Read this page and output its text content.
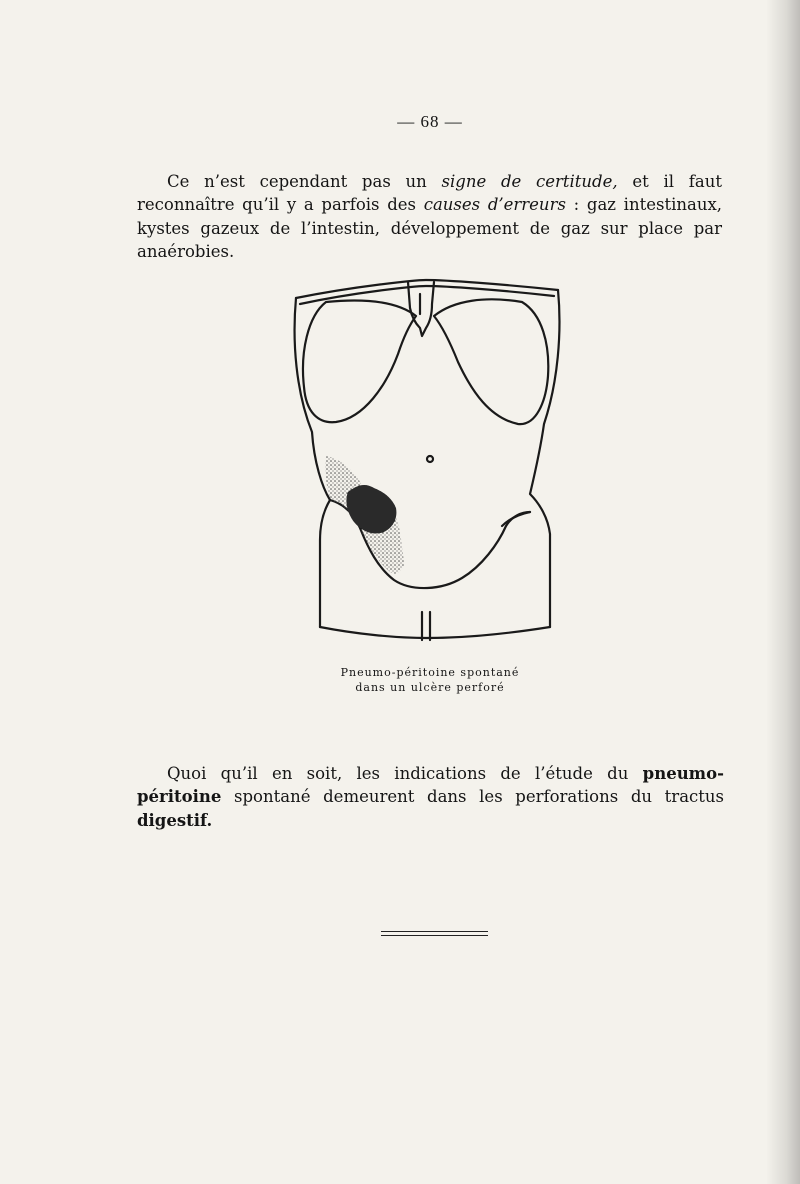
— 68 —

Ce n’est cependant pas un signe de certitude, et il faut reconnaître qu’il y a parfois des causes d’erreurs : gaz intestinaux, kystes gazeux de l’intestin, développement de gaz sur place par anaérobies.

Pneumo-péritoine spontané
dans un ulcère perforé

Quoi qu’il en soit, les indications de l’étude du pneumo-péritoine spontané demeurent dans les perforations du tractus digestif.
